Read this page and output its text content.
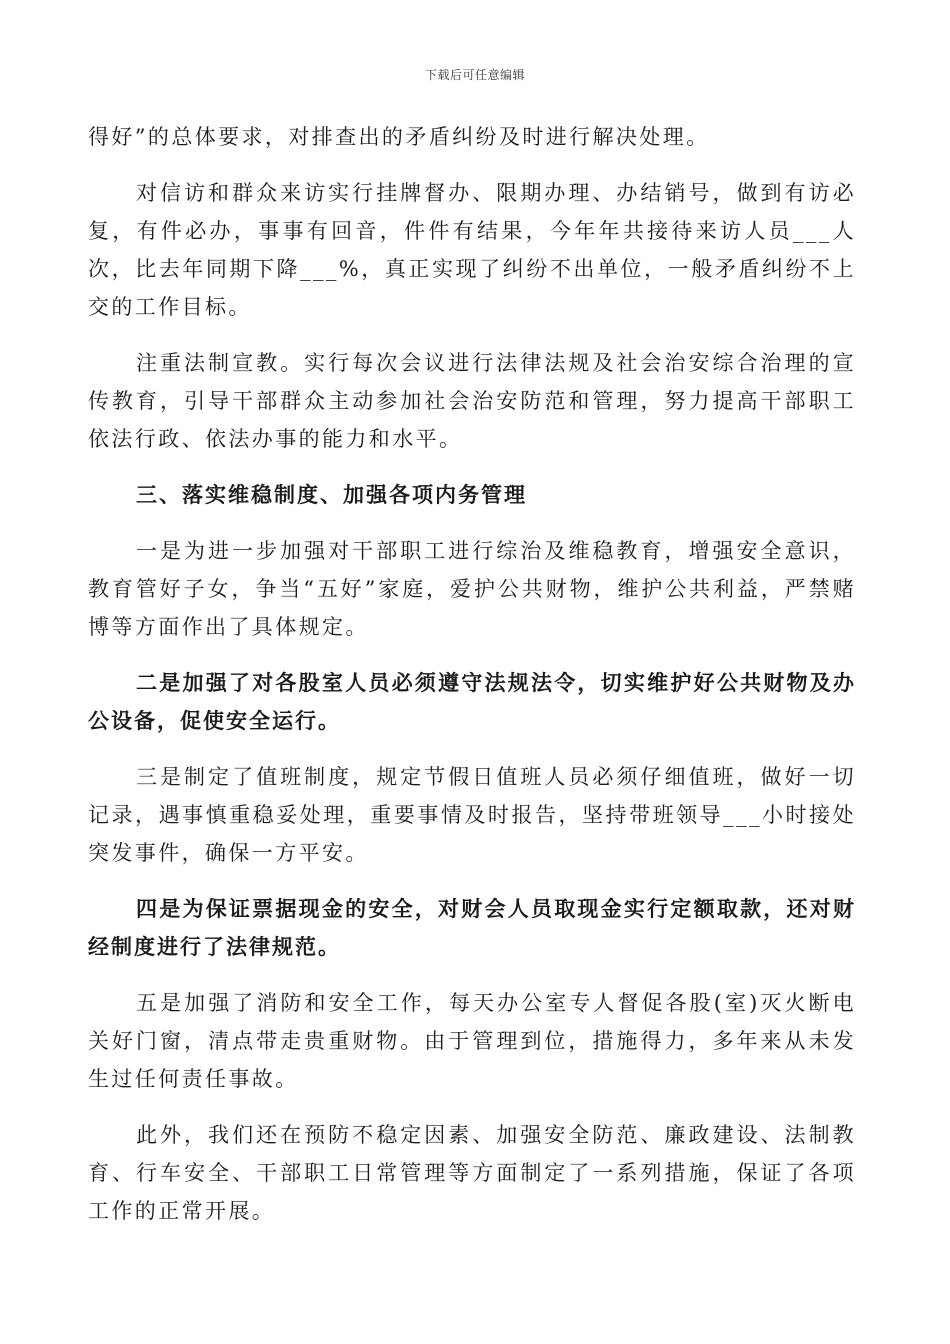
下载后可任意编辑

得好”的总体要求，对排查出的矛盾纠纷及时进行解决处理。

对信访和群众来访实行挂牌督办、限期办理、办结销号，做到有访必复，有件必办，事事有回音，件件有结果，今年年共接待来访人员___人次，比去年同期下降___%，真正实现了纠纷不出单位，一般矛盾纠纷不上交的工作目标。

注重法制宣教。实行每次会议进行法律法规及社会治安综合治理的宣传教育，引导干部群众主动参加社会治安防范和管理，努力提高干部职工依法行政、依法办事的能力和水平。

三、落实维稳制度、加强各项内务管理

一是为进一步加强对干部职工进行综治及维稳教育，增强安全意识，教育管好子女，争当“五好”家庭，爱护公共财物，维护公共利益，严禁赌博等方面作出了具体规定。

二是加强了对各股室人员必须遵守法规法令，切实维护好公共财物及办公设备，促使安全运行。

三是制定了值班制度，规定节假日值班人员必须仔细值班，做好一切记录，遇事慎重稳妥处理，重要事情及时报告，坚持带班领导___小时接处突发事件，确保一方平安。

四是为保证票据现金的安全，对财会人员取现金实行定额取款，还对财经制度进行了法律规范。

五是加强了消防和安全工作，每天办公室专人督促各股(室)灭火断电关好门窗，清点带走贵重财物。由于管理到位，措施得力，多年来从未发生过任何责任事故。

此外，我们还在预防不稳定因素、加强安全防范、廉政建设、法制教育、行车安全、干部职工日常管理等方面制定了一系列措施，保证了各项工作的正常开展。
